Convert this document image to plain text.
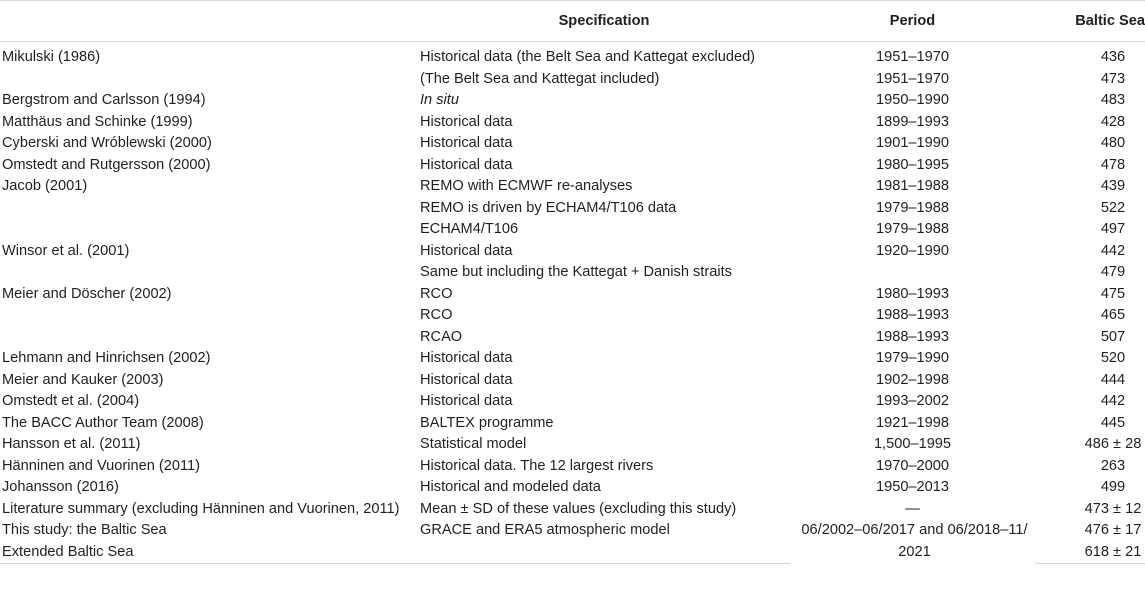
	Specification	Period	Baltic Sea

Mikulski (1986)	Historical data (the Belt Sea and Kattegat excluded)	1951–1970	436
	(The Belt Sea and Kattegat included)	1951–1970	473
Bergstrom and Carlsson (1994)	In situ	1950–1990	483
Matthäus and Schinke (1999)	Historical data	1899–1993	428
Cyberski and Wróblewski (2000)	Historical data	1901–1990	480
Omstedt and Rutgersson (2000)	Historical data	1980–1995	478
Jacob (2001)	REMO with ECMWF re-analyses	1981–1988	439
	REMO is driven by ECHAM4/T106 data	1979–1988	522
	ECHAM4/T106	1979–1988	497
Winsor et al. (2001)	Historical data	1920–1990	442
	Same but including the Kattegat + Danish straits		479
Meier and Döscher (2002)	RCO	1980–1993	475
	RCO	1988–1993	465
	RCAO	1988–1993	507
Lehmann and Hinrichsen (2002)	Historical data	1979–1990	520
Meier and Kauker (2003)	Historical data	1902–1998	444
Omstedt et al. (2004)	Historical data	1993–2002	442
The BACC Author Team (2008)	BALTEX programme	1921–1998	445
Hansson et al. (2011)	Statistical model	1,500–1995	486 ± 28
Hänninen and Vuorinen (2011)	Historical data. The 12 largest rivers	1970–2000	263
Johansson (2016)	Historical and modeled data	1950–2013	499
Literature summary (excluding Hänninen and Vuorinen, 2011)	Mean ± SD of these values (excluding this study)	—	473 ± 12
This study: the Baltic Sea	GRACE and ERA5 atmospheric model	06/2002–06/2017 and 06/2018–11/ 2021	476 ± 17
Extended Baltic Sea			618 ± 21
